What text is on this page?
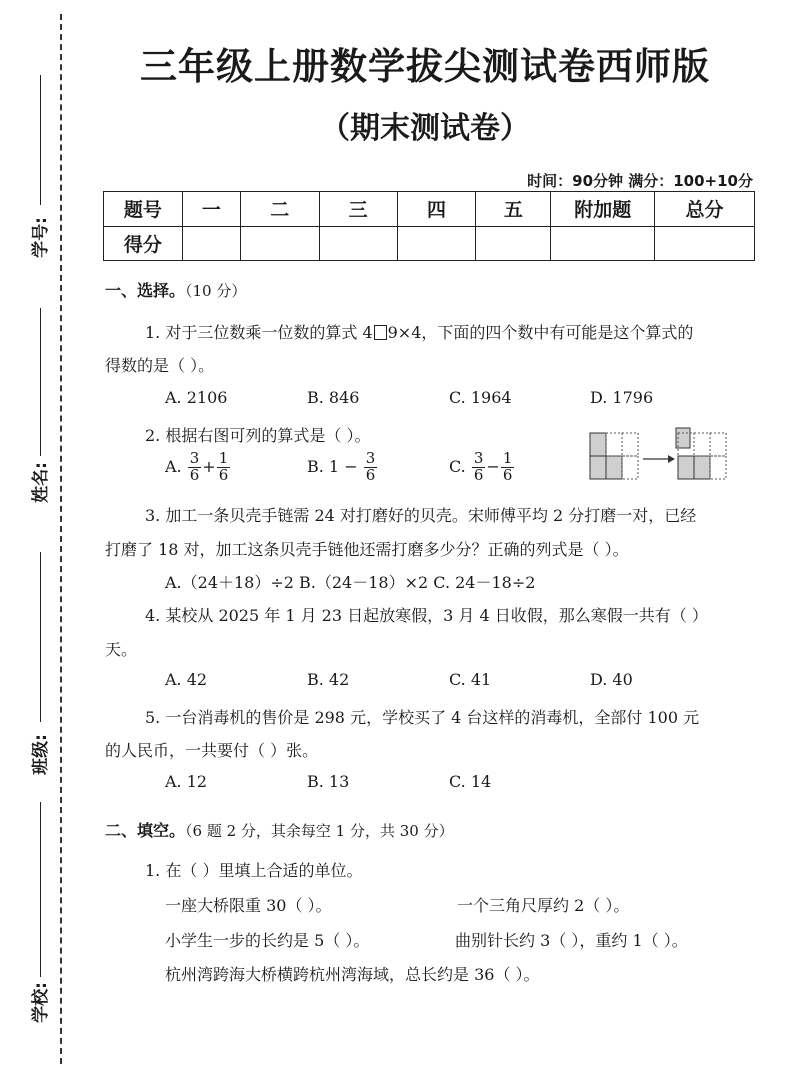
学号:
姓名:
班级:
学校:
三年级上册数学拔尖测试卷西师版
（期末测试卷）
时间：90分钟 满分：100+10分
题号	一	二	三	四	五	附加题	总分
得分							
一、选择。（10 分）
1. 对于三位数乘一位数的算式 4 9×4，下面的四个数中有可能是这个算式的
得数的是（ ）。
A. 2106	B. 846	C. 1964	D. 1796
2. 根据右图可列的算式是（ ）。
A. $\frac{3}{6} + \frac{1}{6}$	B. $1 - \frac{3}{6}$	C. $\frac{3}{6} - \frac{1}{6}$
3. 加工一条贝壳手链需 24 对打磨好的贝壳。宋师傅平均 2 分打磨一对，已经
打磨了 18 对，加工这条贝壳手链他还需打磨多少分？正确的列式是（ ）。
A.（24＋18）÷2 B.（24－18）×2 C. 24－18÷2
4. 某校从 2025 年 1 月 23 日起放寒假，3 月 4 日收假，那么寒假一共有（ ）
天。
A. 42	B. 42	C. 41	D. 40
5. 一台消毒机的售价是 298 元，学校买了 4 台这样的消毒机，全部付 100 元
的人民币，一共要付（ ）张。
A. 12	B. 13	C. 14
二、填空。（6 题 2 分，其余每空 1 分，共 30 分）
1. 在（ ）里填上合适的单位。
一座大桥限重 30（ ）。	一个三角尺厚约 2（ ）。
小学生一步的长约是 5（ ）。	曲别针长约 3（ ），重约 1（ ）。
杭州湾跨海大桥横跨杭州湾海域，总长约是 36（ ）。
